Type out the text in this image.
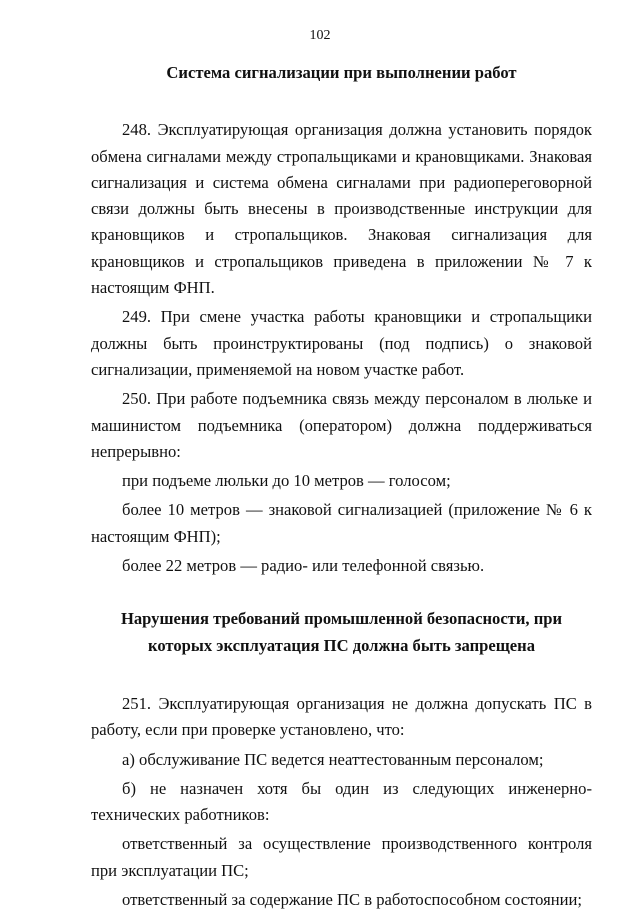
102

Система сигнализации при выполнении работ

248. Эксплуатирующая организация должна установить порядок обмена сигналами между стропальщиками и крановщиками. Знаковая сигнализация и система обмена сигналами при радиопереговорной связи должны быть внесены в производственные инструкции для крановщиков и стропальщиков. Знаковая сигнализация для крановщиков и стропальщиков приведена в приложении № 7 к настоящим ФНП.

249. При смене участка работы крановщики и стропальщики должны быть проинструктированы (под подпись) о знаковой сигнализации, применяемой на новом участке работ.

250. При работе подъемника связь между персоналом в люльке и машинистом подъемника (оператором) должна поддерживаться непрерывно:

при подъеме люльки до 10 метров — голосом;

более 10 метров — знаковой сигнализацией (приложение № 6 к настоящим ФНП);

более 22 метров — радио- или телефонной связью.

Нарушения требований промышленной безопасности, при которых эксплуатация ПС должна быть запрещена

251. Эксплуатирующая организация не должна допускать ПС в работу, если при проверке установлено, что:

а) обслуживание ПС ведется неаттестованным персоналом;

б) не назначен хотя бы один из следующих инженерно-технических работников:

ответственный за осуществление производственного контроля при эксплуатации ПС;

ответственный за содержание ПС в работоспособном состоянии;
